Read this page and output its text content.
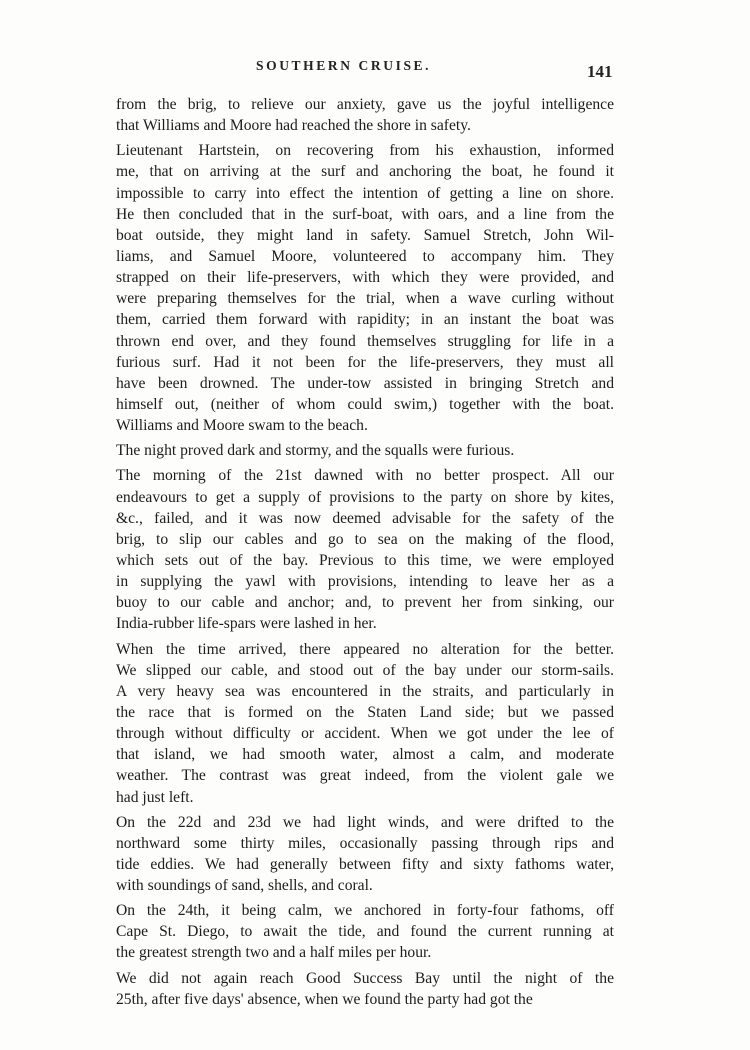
SOUTHERN CRUISE.	141
from the brig, to relieve our anxiety, gave us the joyful intelligence
that Williams and Moore had reached the shore in safety.
Lieutenant Hartstein, on recovering from his exhaustion, informed
me, that on arriving at the surf and anchoring the boat, he found it
impossible to carry into effect the intention of getting a line on shore.
He then concluded that in the surf-boat, with oars, and a line from the
boat outside, they might land in safety. Samuel Stretch, John Wil-
liams, and Samuel Moore, volunteered to accompany him. They
strapped on their life-preservers, with which they were provided, and
were preparing themselves for the trial, when a wave curling without
them, carried them forward with rapidity; in an instant the boat was
thrown end over, and they found themselves struggling for life in a
furious surf. Had it not been for the life-preservers, they must all
have been drowned. The under-tow assisted in bringing Stretch and
himself out, (neither of whom could swim,) together with the boat.
Williams and Moore swam to the beach.
The night proved dark and stormy, and the squalls were furious.
The morning of the 21st dawned with no better prospect. All our
endeavours to get a supply of provisions to the party on shore by kites,
&c., failed, and it was now deemed advisable for the safety of the
brig, to slip our cables and go to sea on the making of the flood,
which sets out of the bay. Previous to this time, we were employed
in supplying the yawl with provisions, intending to leave her as a
buoy to our cable and anchor; and, to prevent her from sinking, our
India-rubber life-spars were lashed in her.
When the time arrived, there appeared no alteration for the better.
We slipped our cable, and stood out of the bay under our storm-sails.
A very heavy sea was encountered in the straits, and particularly in
the race that is formed on the Staten Land side; but we passed
through without difficulty or accident. When we got under the lee of
that island, we had smooth water, almost a calm, and moderate
weather. The contrast was great indeed, from the violent gale we
had just left.
On the 22d and 23d we had light winds, and were drifted to the
northward some thirty miles, occasionally passing through rips and
tide eddies. We had generally between fifty and sixty fathoms water,
with soundings of sand, shells, and coral.
On the 24th, it being calm, we anchored in forty-four fathoms, off
Cape St. Diego, to await the tide, and found the current running at
the greatest strength two and a half miles per hour.
We did not again reach Good Success Bay until the night of the
25th, after five days' absence, when we found the party had got the
